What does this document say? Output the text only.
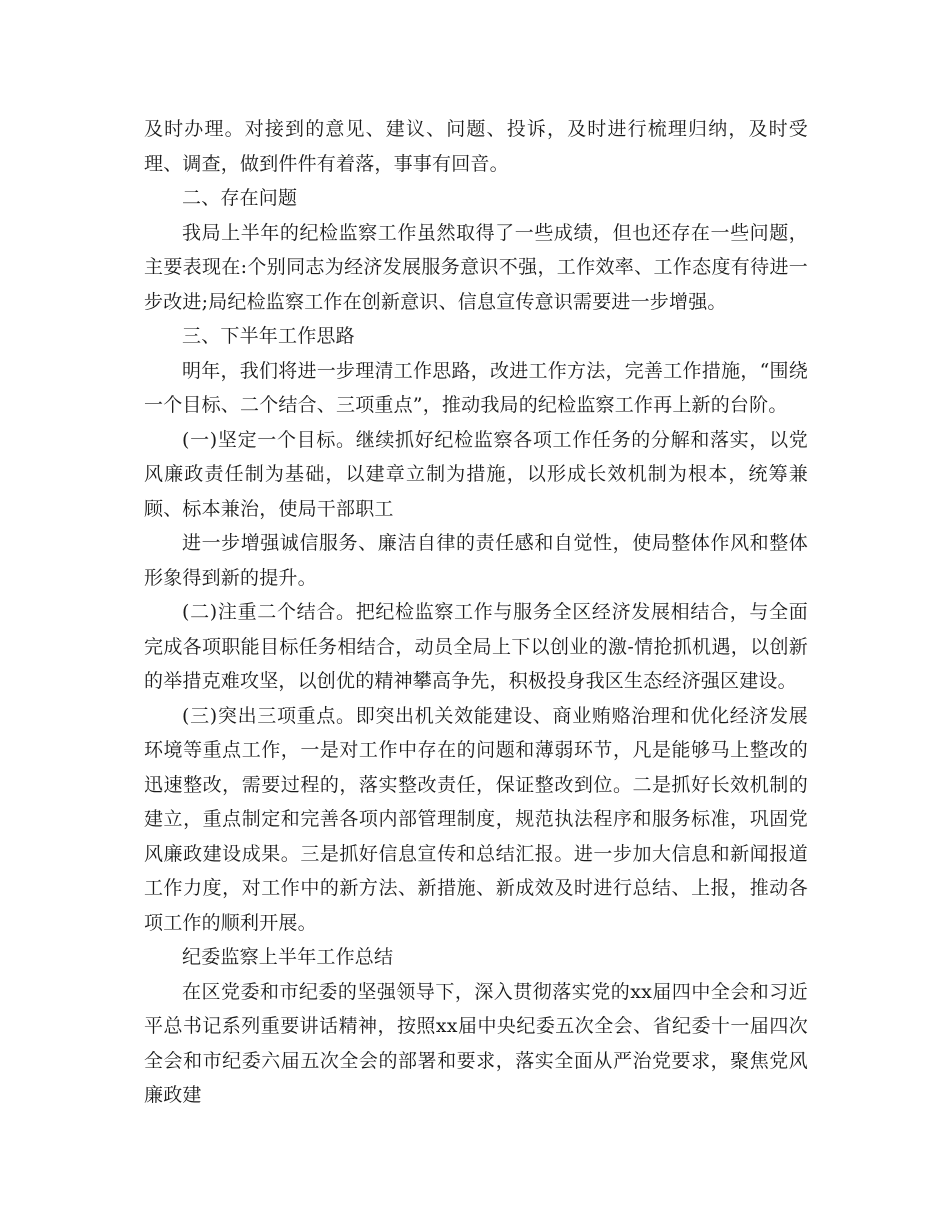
及时办理。对接到的意见、建议、问题、投诉，及时进行梳理归纳，及时受理、调查，做到件件有着落，事事有回音。

二、存在问题

我局上半年的纪检监察工作虽然取得了一些成绩，但也还存在一些问题，主要表现在:个别同志为经济发展服务意识不强，工作效率、工作态度有待进一步改进;局纪检监察工作在创新意识、信息宣传意识需要进一步增强。

三、下半年工作思路

明年，我们将进一步理清工作思路，改进工作方法，完善工作措施，“围绕一个目标、二个结合、三项重点”，推动我局的纪检监察工作再上新的台阶。

(一)坚定一个目标。继续抓好纪检监察各项工作任务的分解和落实，以党风廉政责任制为基础，以建章立制为措施，以形成长效机制为根本，统筹兼顾、标本兼治，使局干部职工

进一步增强诚信服务、廉洁自律的责任感和自觉性，使局整体作风和整体形象得到新的提升。

(二)注重二个结合。把纪检监察工作与服务全区经济发展相结合，与全面完成各项职能目标任务相结合，动员全局上下以创业的激-情抢抓机遇，以创新的举措克难攻坚，以创优的精神攀高争先，积极投身我区生态经济强区建设。

(三)突出三项重点。即突出机关效能建设、商业贿赂治理和优化经济发展环境等重点工作，一是对工作中存在的问题和薄弱环节，凡是能够马上整改的迅速整改，需要过程的，落实整改责任，保证整改到位。二是抓好长效机制的建立，重点制定和完善各项内部管理制度，规范执法程序和服务标准，巩固党风廉政建设成果。三是抓好信息宣传和总结汇报。进一步加大信息和新闻报道工作力度，对工作中的新方法、新措施、新成效及时进行总结、上报，推动各项工作的顺利开展。

纪委监察上半年工作总结

在区党委和市纪委的坚强领导下，深入贯彻落实党的xx届四中全会和习近平总书记系列重要讲话精神，按照xx届中央纪委五次全会、省纪委十一届四次全会和市纪委六届五次全会的部署和要求，落实全面从严治党要求，聚焦党风廉政建
